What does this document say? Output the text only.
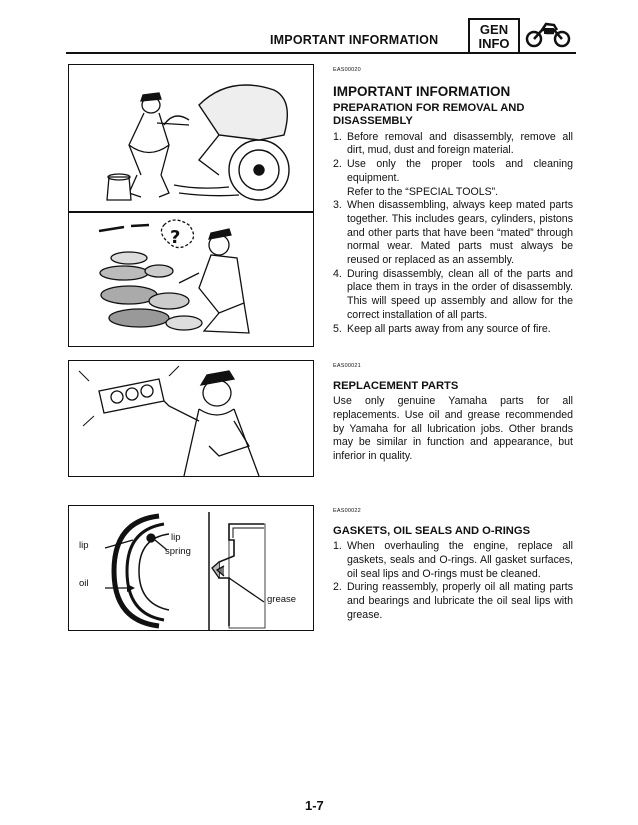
IMPORTANT INFORMATION
GEN
INFO
?
lip
lip
spring
oil
grease
EAS00020
IMPORTANT INFORMATION
PREPARATION FOR REMOVAL AND DISASSEMBLY
1. Before removal and disassembly, remove all dirt, mud, dust and foreign material.
2. Use only the proper tools and cleaning equipment.
Refer to the “SPECIAL TOOLS”.
3. When disassembling, always keep mated parts together. This includes gears, cylinders, pistons and other parts that have been “mated” through normal wear. Mated parts must always be reused or replaced as an assembly.
4. During disassembly, clean all of the parts and place them in trays in the order of disassembly. This will speed up assembly and allow for the correct installation of all parts.
5. Keep all parts away from any source of fire.
EAS00021
REPLACEMENT PARTS

Use only genuine Yamaha parts for all replacements. Use oil and grease recommended by Yamaha for all lubrication jobs. Other brands may be similar in function and appearance, but inferior in quality.

EAS00022
GASKETS, OIL SEALS AND O-RINGS
1. When overhauling the engine, replace all gaskets, seals and O-rings. All gasket surfaces, oil seal lips and O-rings must be cleaned.
2. During reassembly, properly oil all mating parts and bearings and lubricate the oil seal lips with grease.
1-7
